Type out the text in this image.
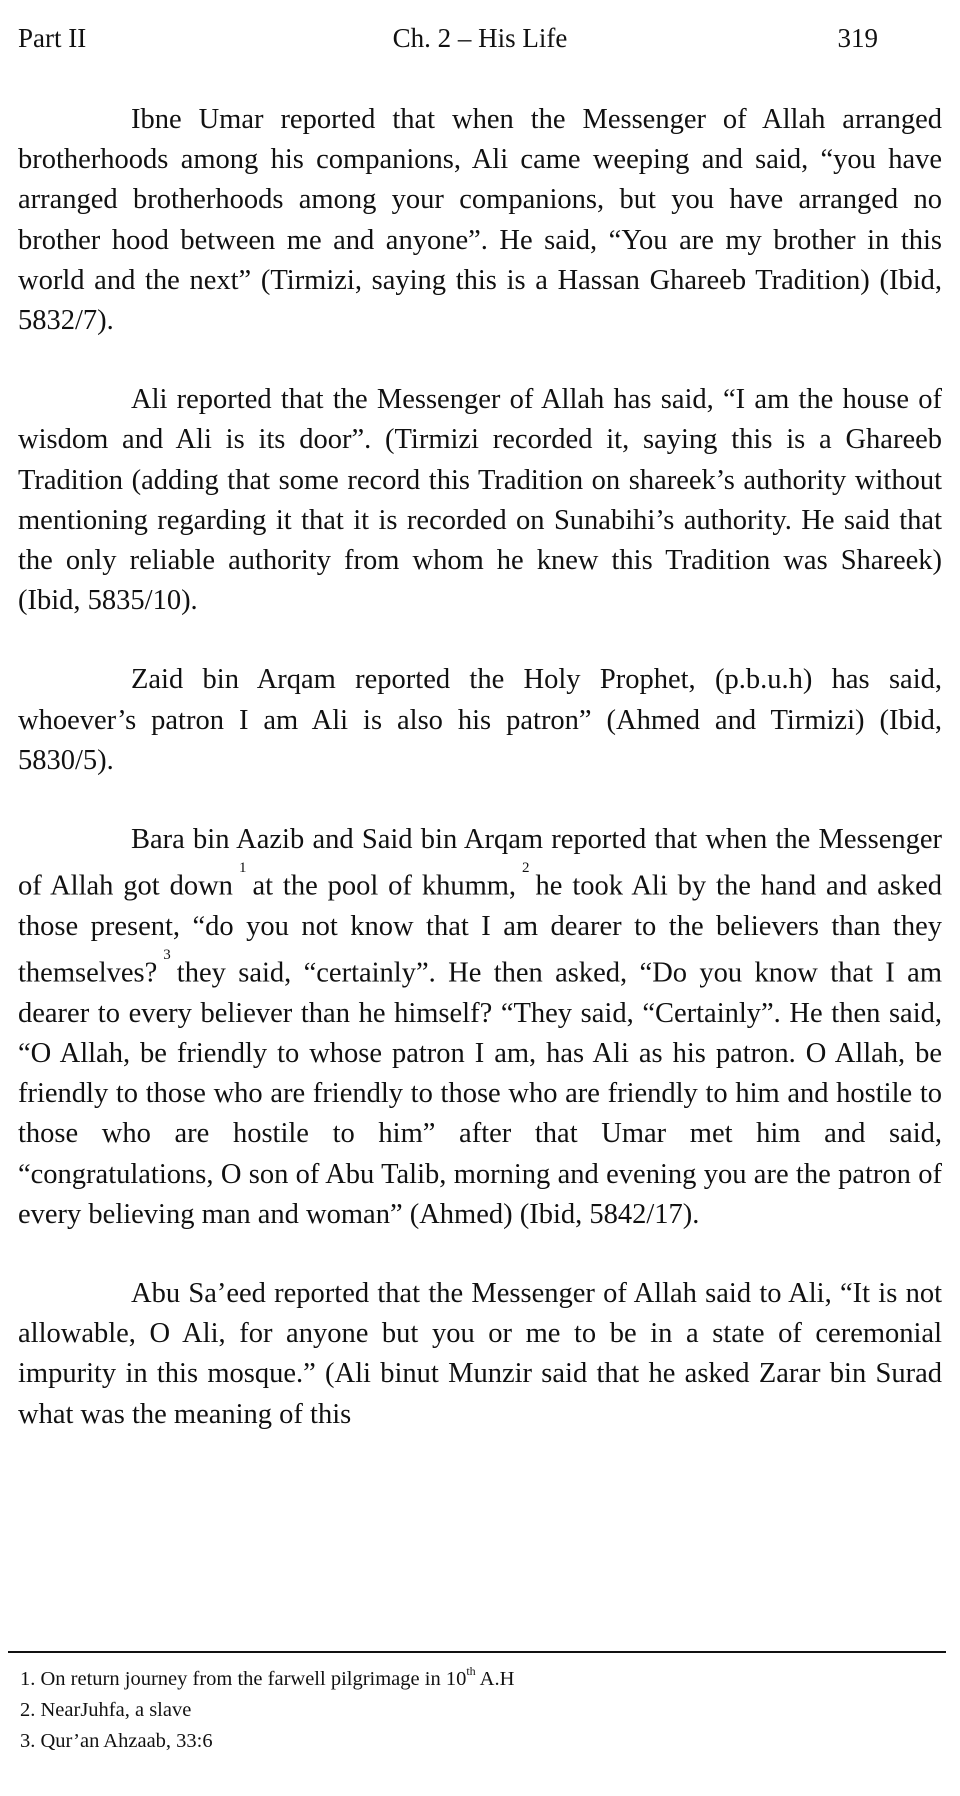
Part II	Ch. 2 – His Life	319

Ibne Umar reported that when the Messenger of Allah arranged brotherhoods among his companions, Ali came weeping and said, “you have arranged brotherhoods among your companions, but you have arranged no brother hood between me and anyone”. He said, “You are my brother in this world and the next” (Tirmizi, saying this is a Hassan Ghareeb Tradition) (Ibid, 5832/7).

Ali reported that the Messenger of Allah has said, “I am the house of wisdom and Ali is its door”. (Tirmizi recorded it, saying this is a Ghareeb Tradition (adding that some record this Tradition on shareek’s authority without mentioning regarding it that it is recorded on Sunabihi’s authority. He said that the only reliable authority from whom he knew this Tradition was Shareek) (Ibid, 5835/10).

Zaid bin Arqam reported the Holy Prophet, (p.b.u.h) has said, whoever’s patron I am Ali is also his patron” (Ahmed and Tirmizi) (Ibid, 5830/5).

Bara bin Aazib and Said bin Arqam reported that when the Messenger of Allah got down$^1$at the pool of khumm,$^2$he took Ali by the hand and asked those present, “do you not know that I am dearer to the believers than they themselves?$^3$they said, “certainly”. He then asked, “Do you know that I am dearer to every believer than he himself? “They said, “Certainly”. He then said, “O Allah, be friendly to whose patron I am, has Ali as his patron. O Allah, be friendly to those who are friendly to those who are friendly to him and hostile to those who are hostile to him” after that Umar met him and said, “congratulations, O son of Abu Talib, morning and evening you are the patron of every believing man and woman” (Ahmed) (Ibid, 5842/17).

Abu Sa’eed reported that the Messenger of Allah said to Ali, “It is not allowable, O Ali, for anyone but you or me to be in a state of ceremonial impurity in this mosque.” (Ali binut Munzir said that he asked Zarar bin Surad what was the meaning of this

1. On return journey from the farwell pilgrimage in 10th A.H
2. NearJuhfa, a slave
3. Qur’an Ahzaab, 33:6
